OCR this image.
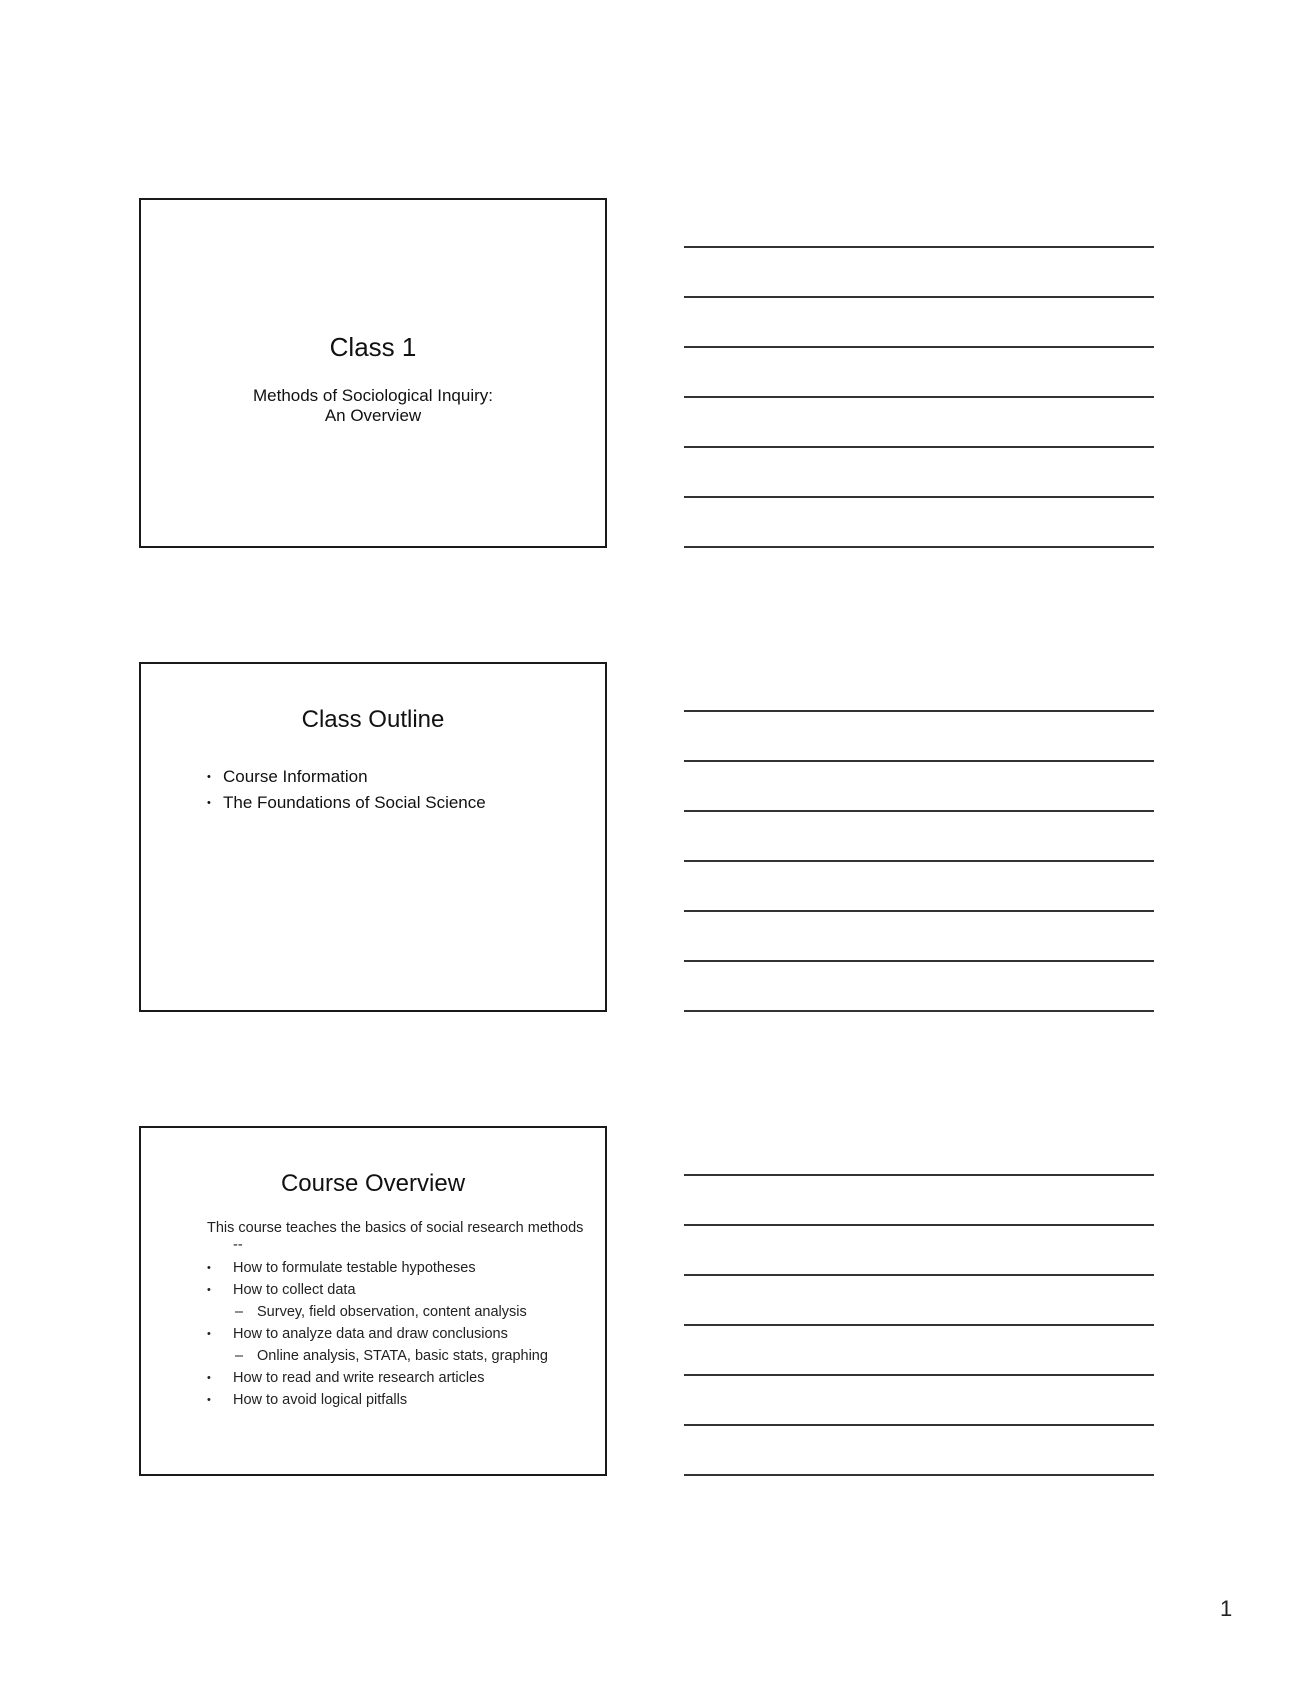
Class 1
Methods of Sociological Inquiry:
An Overview
Class Outline
• Course Information
• The Foundations of Social Science
Course Overview

This course teaches the basics of social research methods --

• How to formulate testable hypotheses
• How to collect data
– Survey, field observation, content analysis
• How to analyze data and draw conclusions
– Online analysis, STATA, basic stats, graphing
• How to read and write research articles
• How to avoid logical pitfalls
1
